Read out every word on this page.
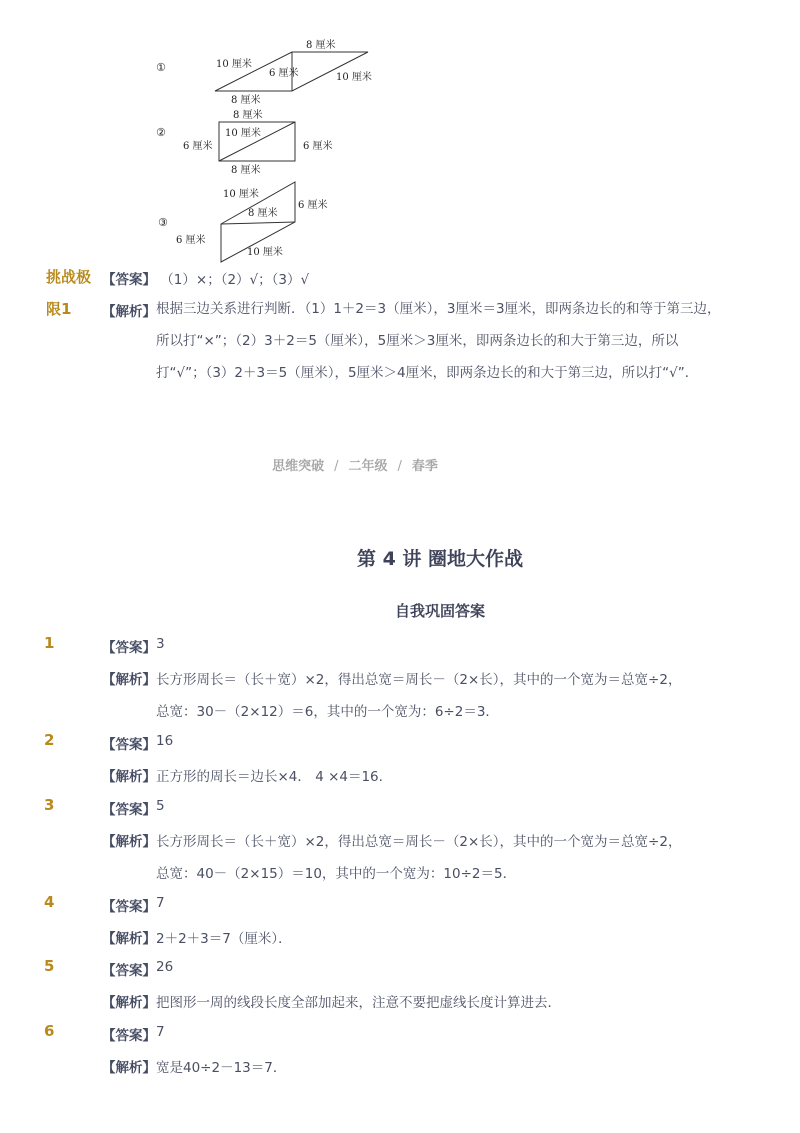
①
8 厘米
10 厘米
6 厘米	10 厘米
8 厘米
②
8 厘米
10 厘米
6 厘米	6 厘米
8 厘米
③
10 厘米
8 厘米
6 厘米
6 厘米
10 厘米
挑战极
限1
【答案】 （1）×；（2）√；（3）√
【解析】 根据三边关系进行判断．（1）1＋2＝3（厘米），3厘米＝3厘米，即两条边长的和等于第三边，所以打“×”；（2）3＋2＝5（厘米），5厘米＞3厘米，即两条边长的和大于第三边，所以打“√”；（3）2＋3＝5（厘米），5厘米＞4厘米，即两条边长的和大于第三边，所以打“√”．
思维突破 / 二年级 / 春季
第 4 讲 圈地大作战
自我巩固答案
1	【答案】 3
【解析】 长方形周长＝（长＋宽）×2，得出总宽＝周长－（2×长），其中的一个宽为＝总宽÷2，
总宽：30－（2×12）＝6，其中的一个宽为：6÷2＝3．
2	【答案】 16
【解析】 正方形的周长＝边长×4． 4 ×4＝16.
3	【答案】 5
【解析】 长方形周长＝（长＋宽）×2，得出总宽＝周长－（2×长），其中的一个宽为＝总宽÷2，
总宽：40－（2×15）＝10，其中的一个宽为：10÷2＝5．
4	【答案】 7
【解析】 2＋2＋3＝7（厘米）．
5	【答案】 26
【解析】 把图形一周的线段长度全部加起来，注意不要把虚线长度计算进去．
6	【答案】 7
【解析】 宽是40÷2－13＝7．
